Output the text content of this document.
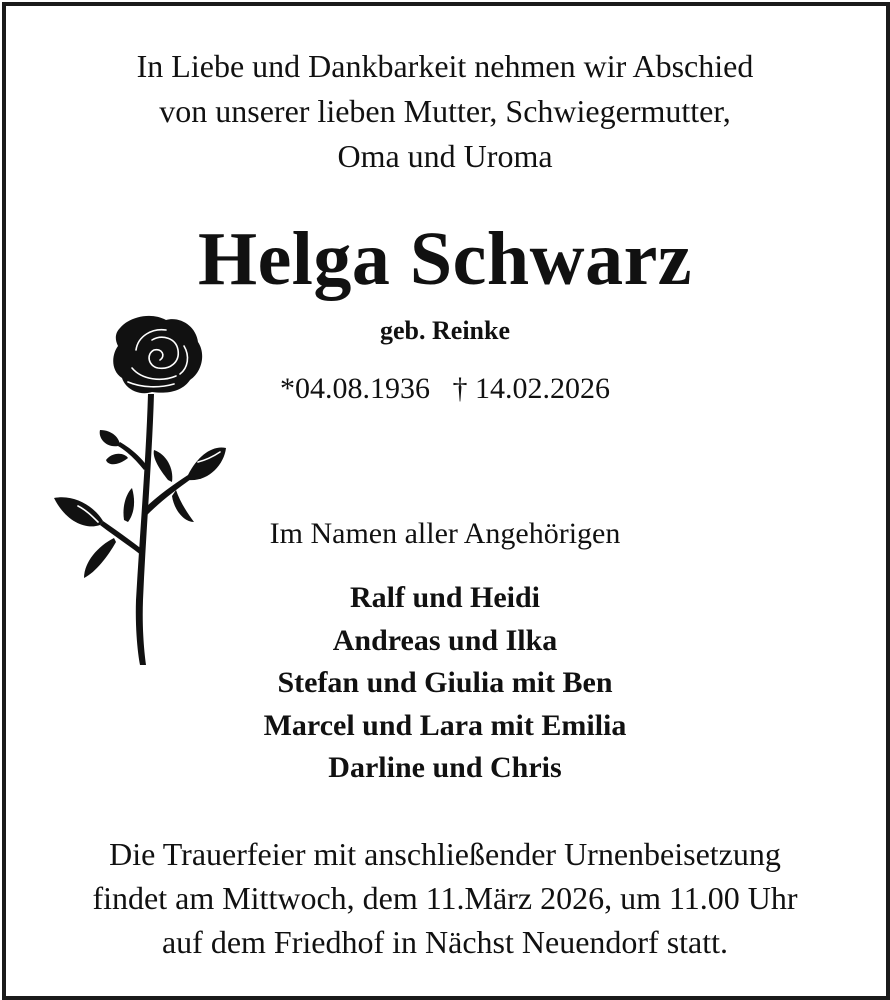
In Liebe und Dankbarkeit nehmen wir Abschied
von unserer lieben Mutter, Schwiegermutter,
Oma und Uroma
Helga Schwarz
geb. Reinke
*04.08.1936 † 14.02.2026
Im Namen aller Angehörigen
Ralf und Heidi
Andreas und Ilka
Stefan und Giulia mit Ben
Marcel und Lara mit Emilia
Darline und Chris
Die Trauerfeier mit anschließender Urnenbeisetzung
findet am Mittwoch, dem 11.März 2026, um 11.00 Uhr
auf dem Friedhof in Nächst Neuendorf statt.
